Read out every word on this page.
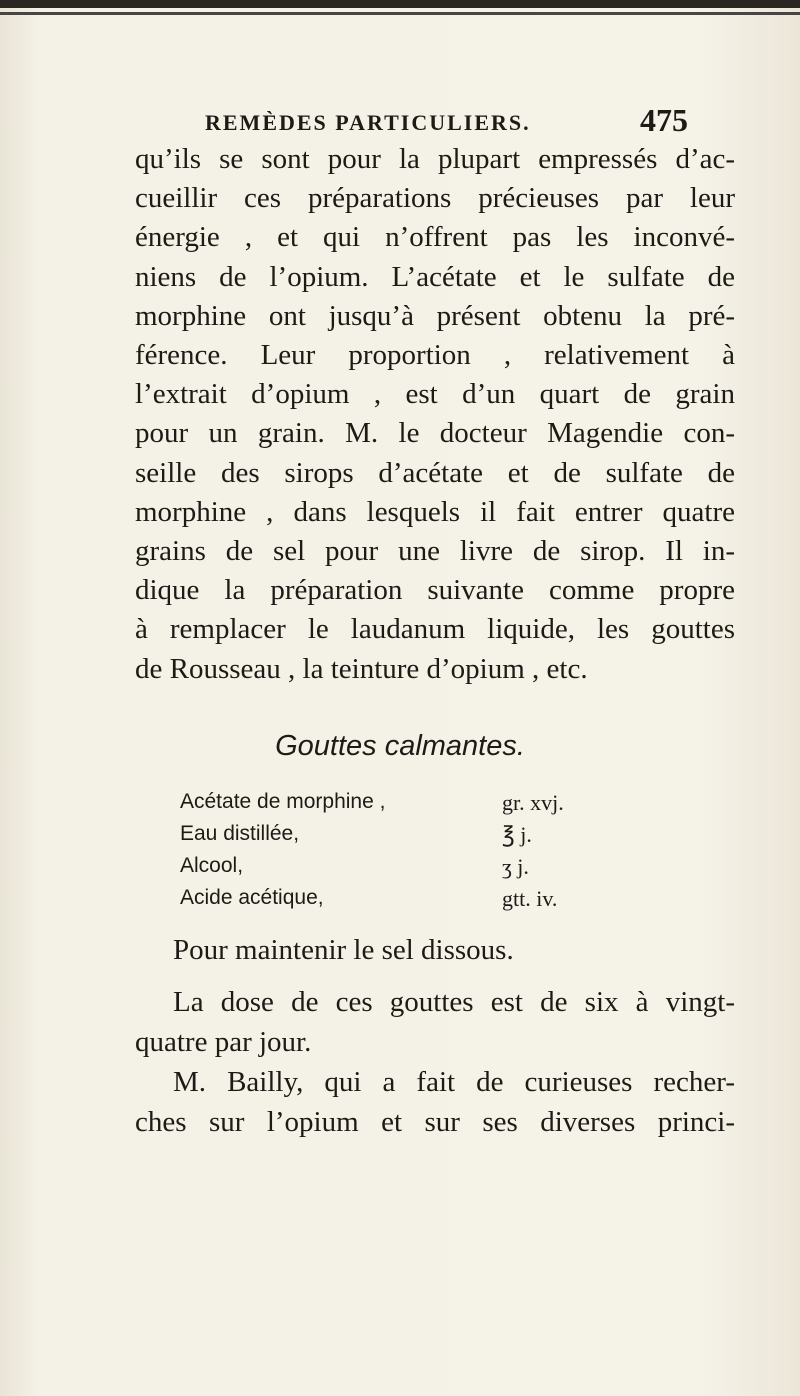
REMÈDES PARTICULIERS.	475
qu’ils se sont pour la plupart empressés d’ac-
cueillir ces préparations précieuses par leur
énergie , et qui n’offrent pas les inconvé-
niens de l’opium. L’acétate et le sulfate de
morphine ont jusqu’à présent obtenu la pré-
férence. Leur proportion , relativement à
l’extrait d’opium , est d’un quart de grain
pour un grain. M. le docteur Magendie con-
seille des sirops d’acétate et de sulfate de
morphine , dans lesquels il fait entrer quatre
grains de sel pour une livre de sirop. Il in-
dique la préparation suivante comme propre
à remplacer le laudanum liquide, les gouttes
de Rousseau , la teinture d’opium , etc.
Gouttes calmantes.
Acétate de morphine ,	gr. xvj.
Eau distillée,	℥ j.
Alcool,	ʒ j.
Acide acétique,	gtt. iv.
Pour maintenir le sel dissous.
La dose de ces gouttes est de six à vingt-
quatre par jour.
M. Bailly, qui a fait de curieuses recher-
ches sur l’opium et sur ses diverses princi-
